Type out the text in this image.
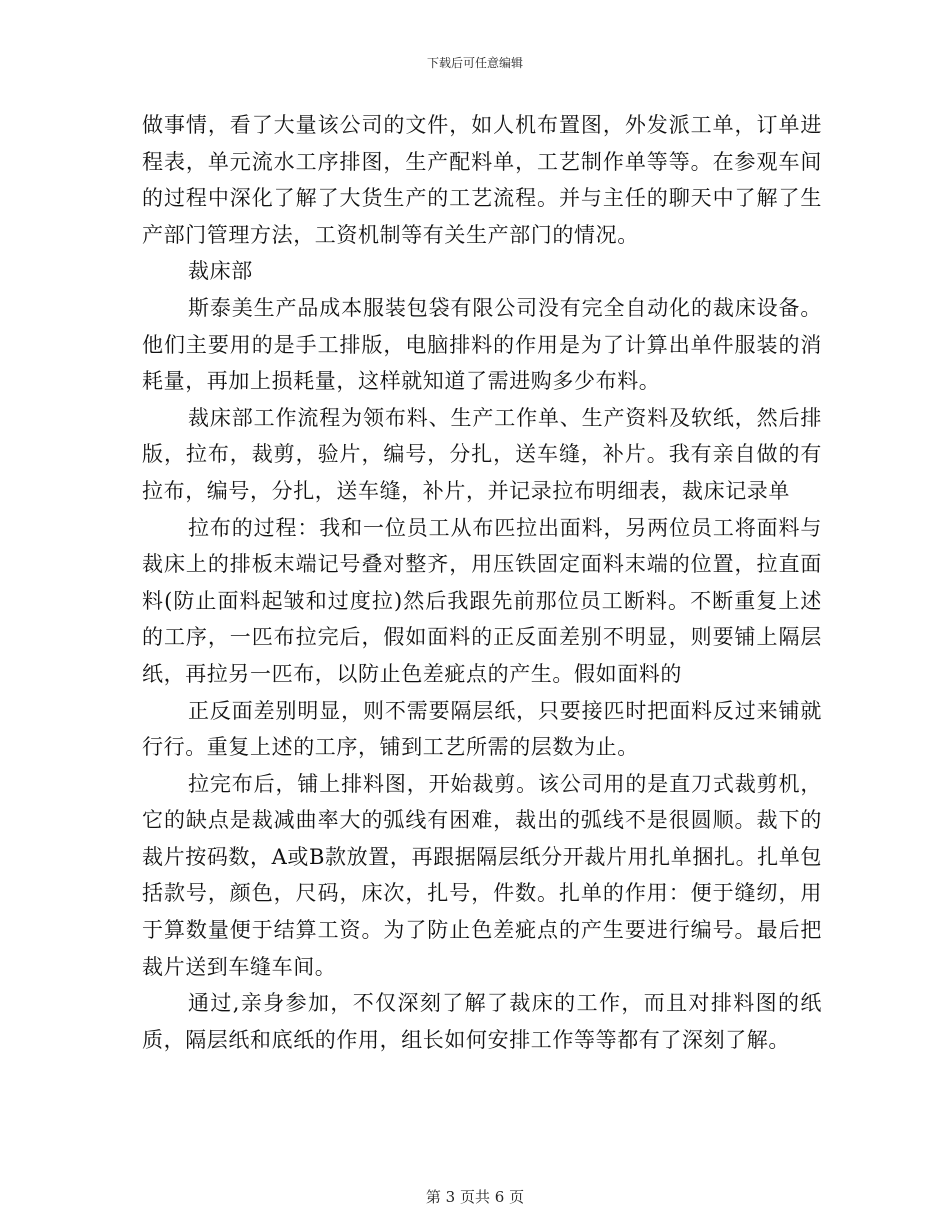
下载后可任意编辑

做事情，看了大量该公司的文件，如人机布置图，外发派工单，订单进程表，单元流水工序排图，生产配料单，工艺制作单等等。在参观车间的过程中深化了解了大货生产的工艺流程。并与主任的聊天中了解了生产部门管理方法，工资机制等有关生产部门的情况。

裁床部

斯泰美生产品成本服装包袋有限公司没有完全自动化的裁床设备。他们主要用的是手工排版，电脑排料的作用是为了计算出单件服装的消耗量，再加上损耗量，这样就知道了需进购多少布料。

裁床部工作流程为领布料、生产工作单、生产资料及软纸，然后排版，拉布，裁剪，验片，编号，分扎，送车缝，补片。我有亲自做的有拉布，编号，分扎，送车缝，补片，并记录拉布明细表，裁床记录单

拉布的过程：我和一位员工从布匹拉出面料，另两位员工将面料与裁床上的排板末端记号叠对整齐，用压铁固定面料末端的位置，拉直面料(防止面料起皱和过度拉)然后我跟先前那位员工断料。不断重复上述的工序，一匹布拉完后，假如面料的正反面差别不明显，则要铺上隔层纸，再拉另一匹布，以防止色差疵点的产生。假如面料的

正反面差别明显，则不需要隔层纸，只要接匹时把面料反过来铺就行行。重复上述的工序，铺到工艺所需的层数为止。

拉完布后，铺上排料图，开始裁剪。该公司用的是直刀式裁剪机，它的缺点是裁减曲率大的弧线有困难，裁出的弧线不是很圆顺。裁下的裁片按码数，A或B款放置，再跟据隔层纸分开裁片用扎单捆扎。扎单包括款号，颜色，尺码，床次，扎号，件数。扎单的作用：便于缝纫，用于算数量便于结算工资。为了防止色差疵点的产生要进行编号。最后把裁片送到车缝车间。

通过,亲身参加，不仅深刻了解了裁床的工作，而且对排料图的纸质，隔层纸和底纸的作用，组长如何安排工作等等都有了深刻了解。

第 3 页共 6 页
